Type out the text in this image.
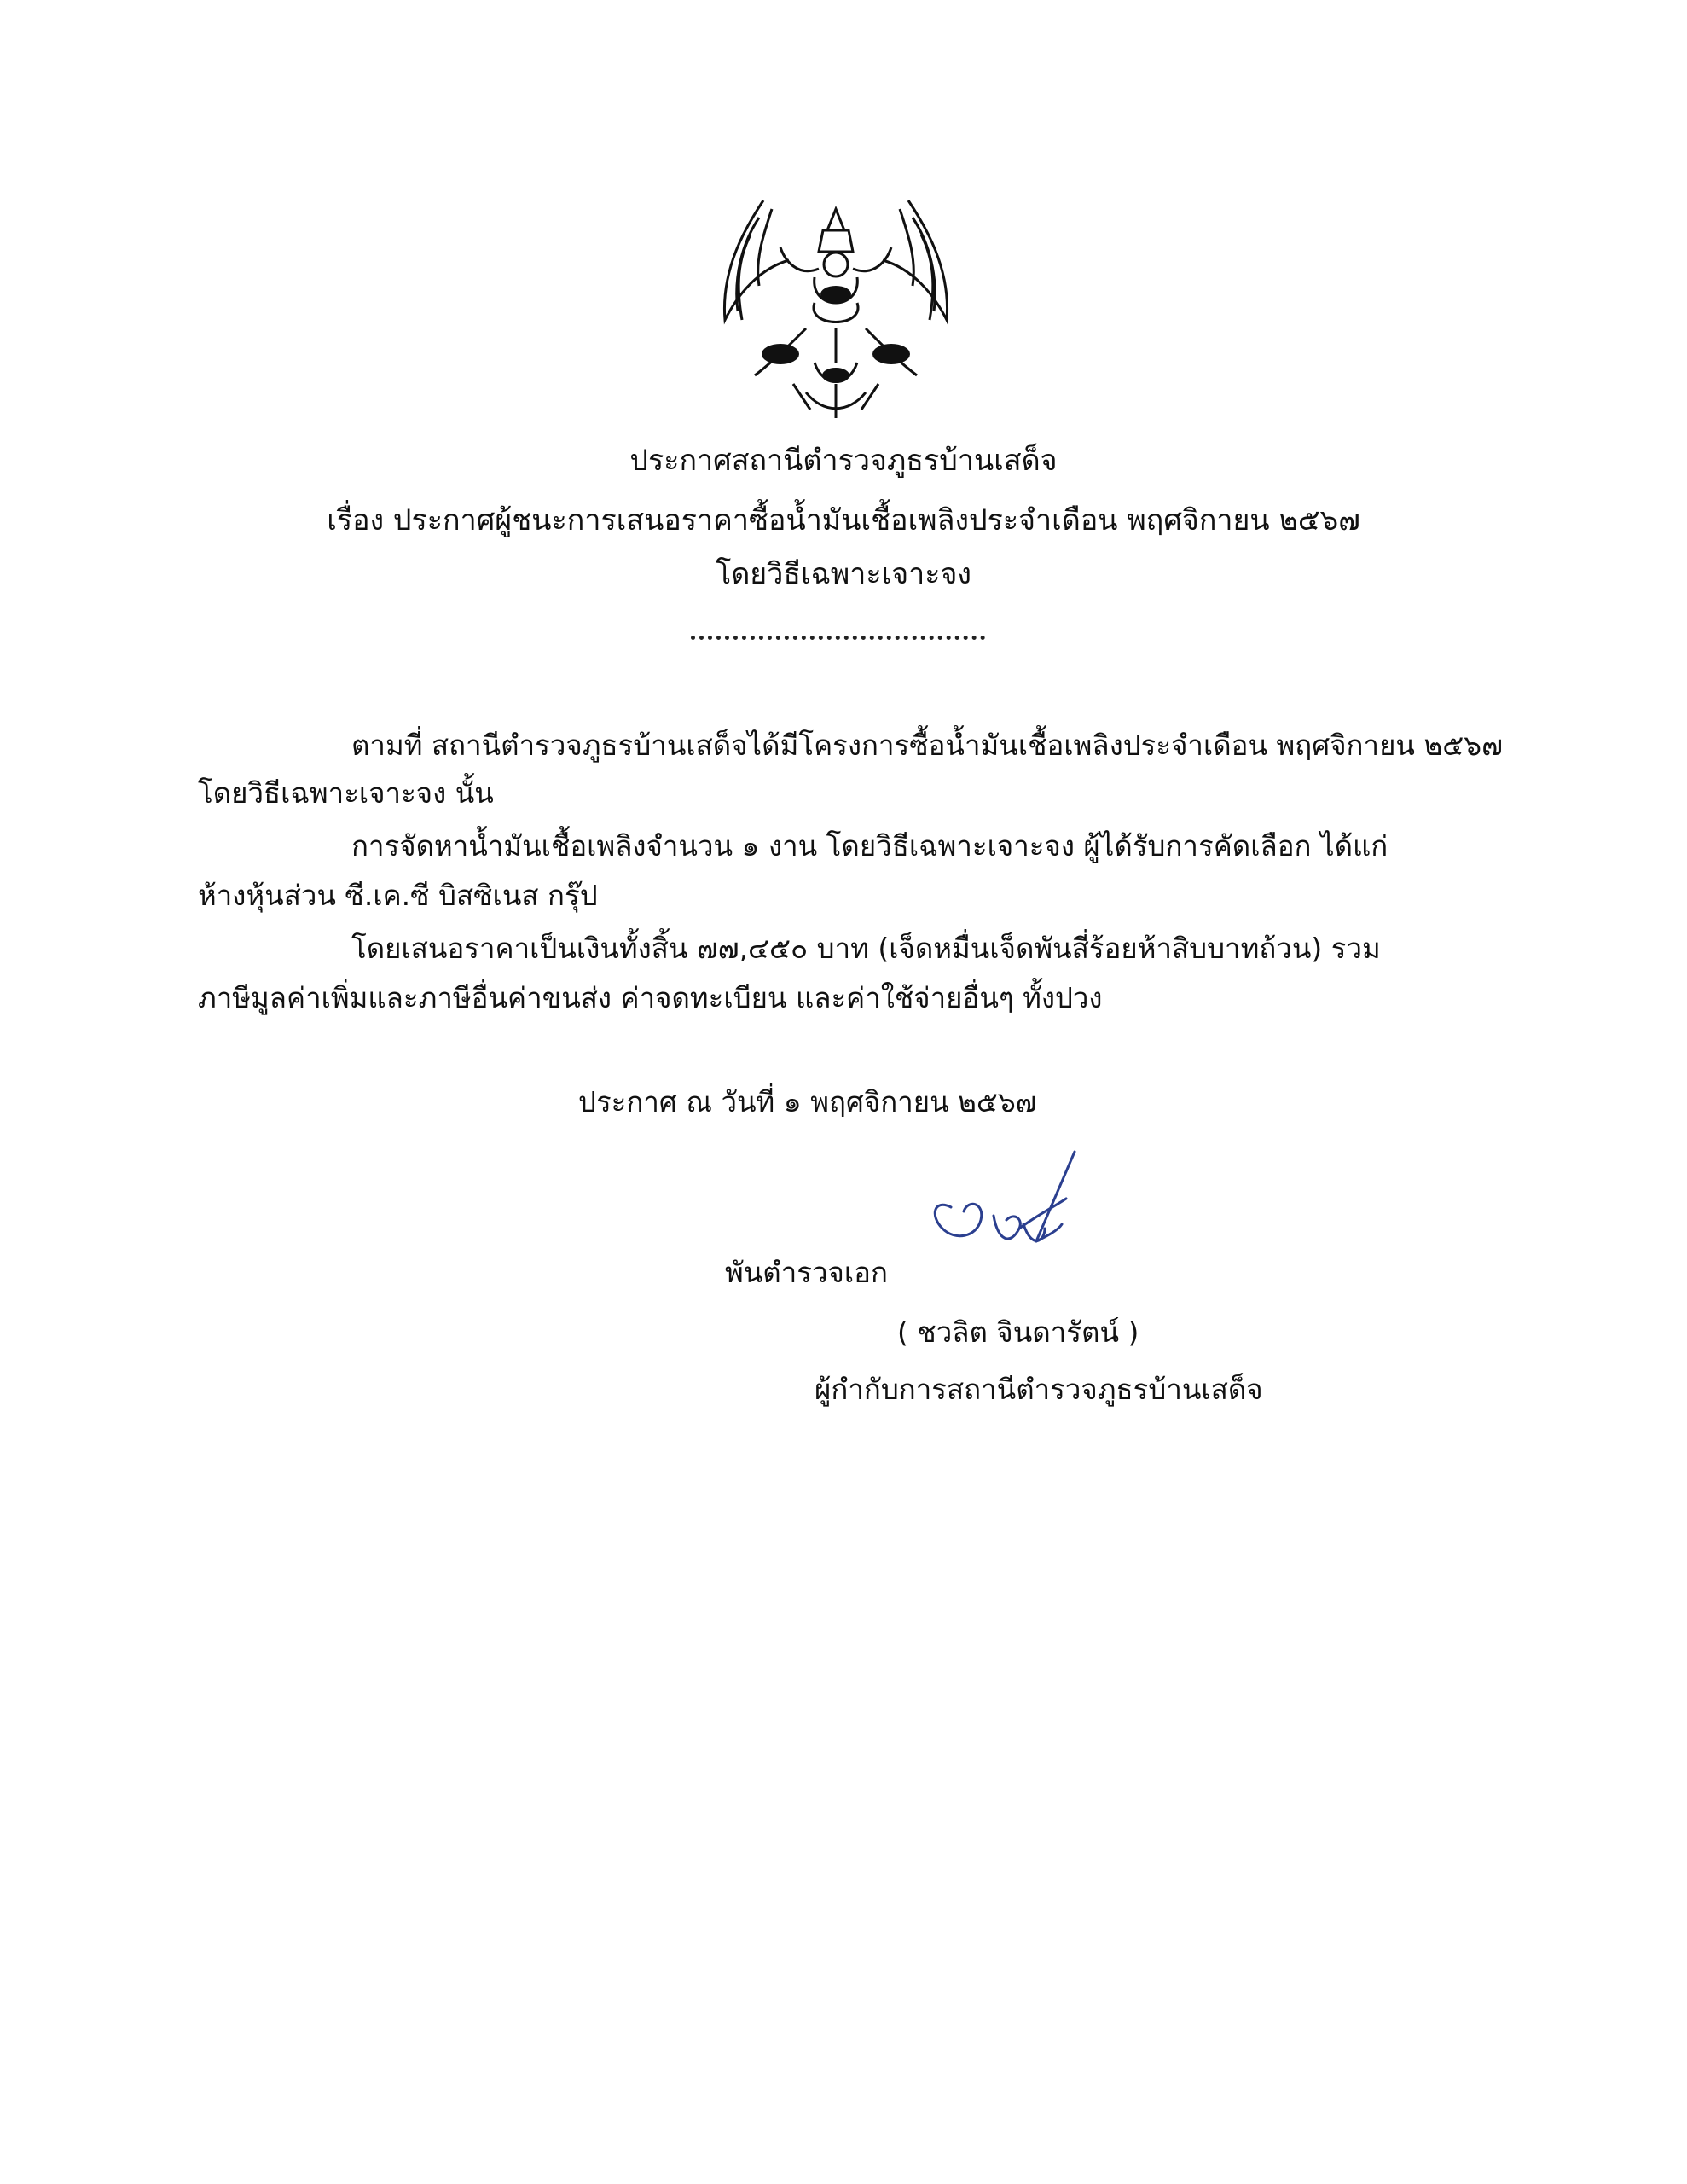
ประกาศสถานีตำรวจภูธรบ้านเสด็จ
เรื่อง ประกาศผู้ชนะการเสนอราคาซื้อน้ำมันเชื้อเพลิงประจำเดือน พฤศจิกายน ๒๕๖๗
โดยวิธีเฉพาะเจาะจง
ตามที่ สถานีตำรวจภูธรบ้านเสด็จได้มีโครงการซื้อน้ำมันเชื้อเพลิงประจำเดือน พฤศจิกายน ๒๕๖๗
โดยวิธีเฉพาะเจาะจง นั้น
การจัดหาน้ำมันเชื้อเพลิงจำนวน ๑ งาน โดยวิธีเฉพาะเจาะจง ผู้ได้รับการคัดเลือก ได้แก่
ห้างหุ้นส่วน ซี.เค.ซี บิสซิเนส กรุ๊ป
โดยเสนอราคาเป็นเงินทั้งสิ้น ๗๗,๔๕๐ บาท (เจ็ดหมื่นเจ็ดพันสี่ร้อยห้าสิบบาทถ้วน) รวม
ภาษีมูลค่าเพิ่มและภาษีอื่นค่าขนส่ง ค่าจดทะเบียน และค่าใช้จ่ายอื่นๆ ทั้งปวง
ประกาศ ณ วันที่ ๑ พฤศจิกายน ๒๕๖๗
พันตำรวจเอก
( ชวลิต จินดารัตน์ )
ผู้กำกับการสถานีตำรวจภูธรบ้านเสด็จ
